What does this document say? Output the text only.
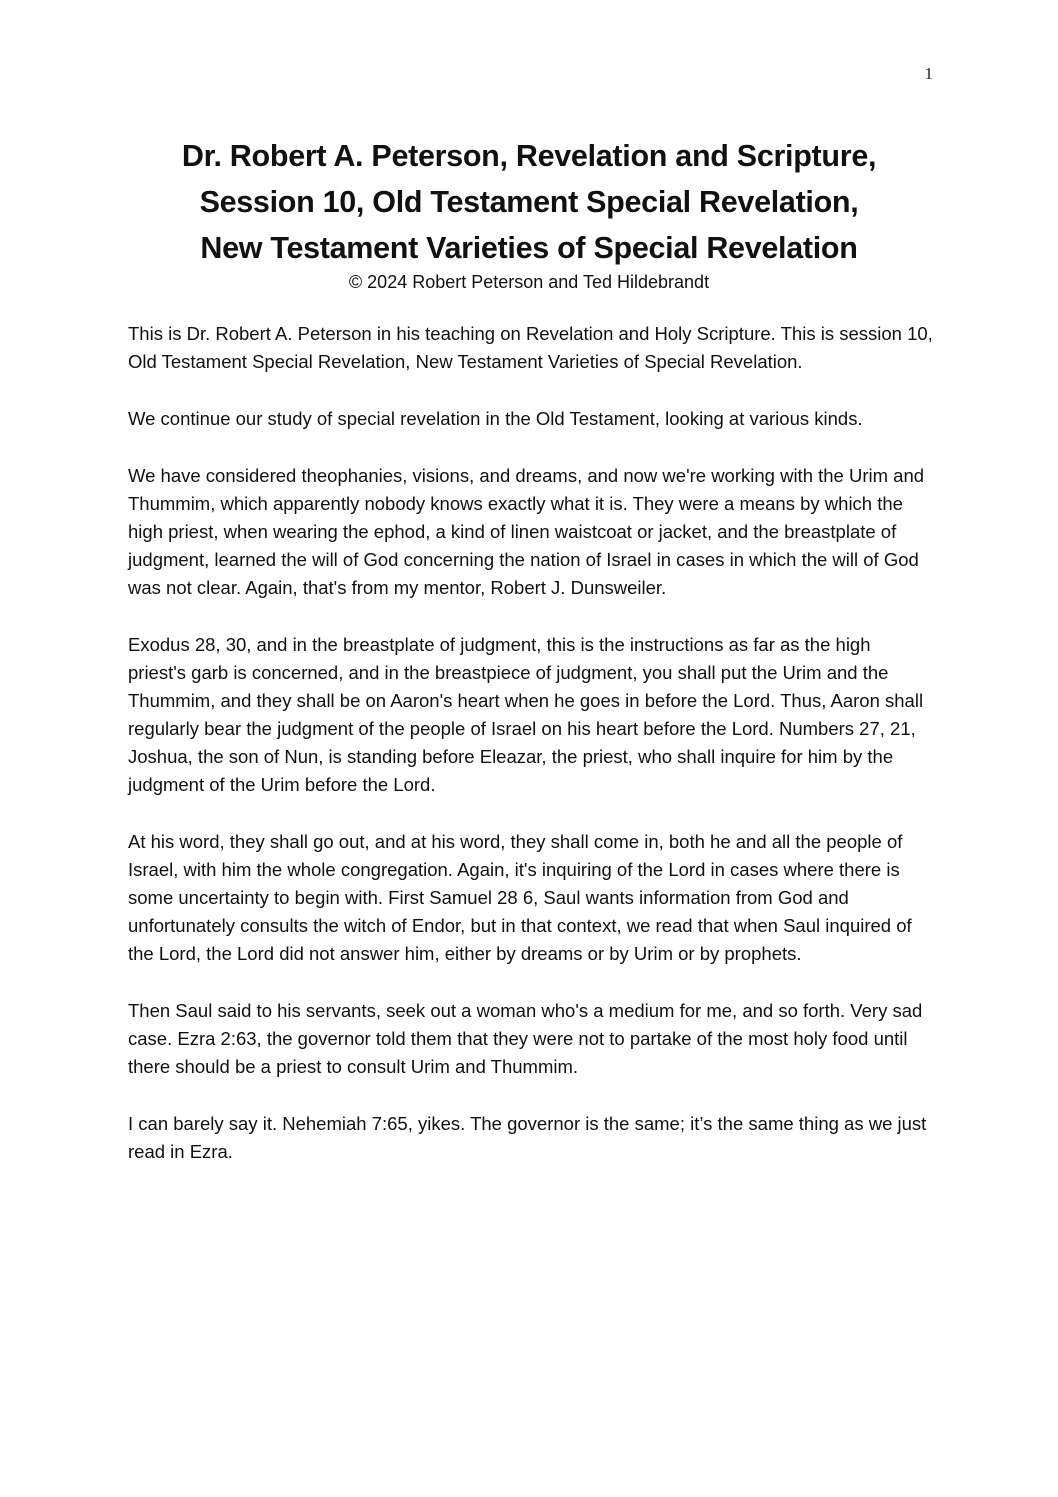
1
Dr. Robert A. Peterson, Revelation and Scripture,
Session 10, Old Testament Special Revelation,
New Testament Varieties of Special Revelation
© 2024 Robert Peterson and Ted Hildebrandt

This is Dr. Robert A. Peterson in his teaching on Revelation and Holy Scripture. This is session 10, Old Testament Special Revelation, New Testament Varieties of Special Revelation.

We continue our study of special revelation in the Old Testament, looking at various kinds.

We have considered theophanies, visions, and dreams, and now we're working with the Urim and Thummim, which apparently nobody knows exactly what it is. They were a means by which the high priest, when wearing the ephod, a kind of linen waistcoat or jacket, and the breastplate of judgment, learned the will of God concerning the nation of Israel in cases in which the will of God was not clear. Again, that's from my mentor, Robert J. Dunsweiler.

Exodus 28, 30, and in the breastplate of judgment, this is the instructions as far as the high priest's garb is concerned, and in the breastpiece of judgment, you shall put the Urim and the Thummim, and they shall be on Aaron's heart when he goes in before the Lord. Thus, Aaron shall regularly bear the judgment of the people of Israel on his heart before the Lord. Numbers 27, 21, Joshua, the son of Nun, is standing before Eleazar, the priest, who shall inquire for him by the judgment of the Urim before the Lord.

At his word, they shall go out, and at his word, they shall come in, both he and all the people of Israel, with him the whole congregation. Again, it's inquiring of the Lord in cases where there is some uncertainty to begin with. First Samuel 28 6, Saul wants information from God and unfortunately consults the witch of Endor, but in that context, we read that when Saul inquired of the Lord, the Lord did not answer him, either by dreams or by Urim or by prophets.

Then Saul said to his servants, seek out a woman who's a medium for me, and so forth. Very sad case. Ezra 2:63, the governor told them that they were not to partake of the most holy food until there should be a priest to consult Urim and Thummim.

I can barely say it. Nehemiah 7:65, yikes. The governor is the same; it’s the same thing as we just read in Ezra.
